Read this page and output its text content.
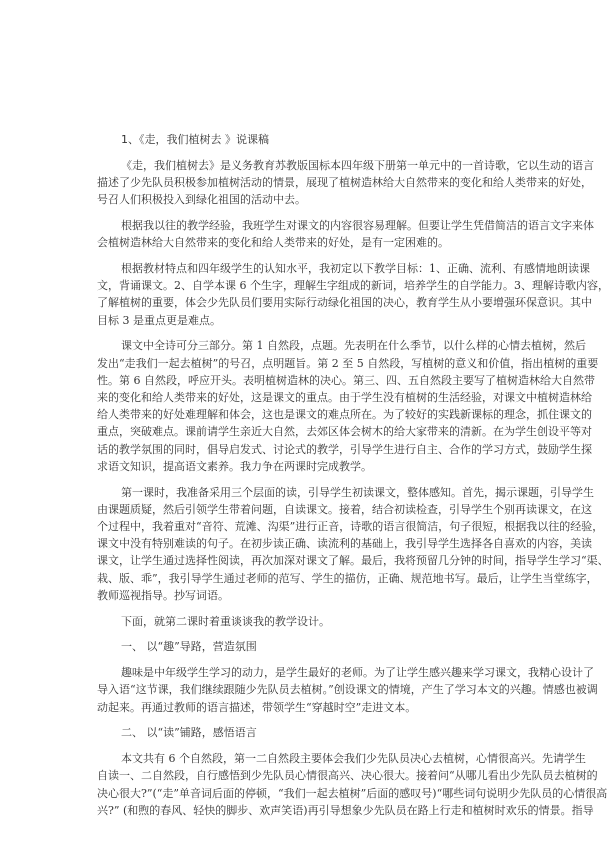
1、《走，我们植树去 》说课稿
《走，我们植树去》是义务教育苏教版国标本四年级下册第一单元中的一首诗歌，它以生动的语言
描述了少先队员积极参加植树活动的情景，展现了植树造林给大自然带来的变化和给人类带来的好处，
号召人们积极投入到绿化祖国的活动中去。
根据我以往的教学经验，我班学生对课文的内容很容易理解。但要让学生凭借简洁的语言文字来体
会植树造林给大自然带来的变化和给人类带来的好处，是有一定困难的。
根据教材特点和四年级学生的认知水平，我初定以下教学目标：1、正确、流利、有感情地朗读课
文，背诵课文。2、自学本课 6 个生字，理解生字组成的新词，培养学生的自学能力。3、理解诗歌内容，
了解植树的重要，体会少先队员们要用实际行动绿化祖国的决心，教育学生从小要增强环保意识。其中
目标 3 是重点更是难点。
课文中全诗可分三部分。第 1 自然段，点题。先表明在什么季节，以什么样的心情去植树，然后
发出“走我们一起去植树”的号召，点明题旨。第 2 至 5 自然段，写植树的意义和价值，指出植树的重要
性。第 6 自然段，呼应开头。表明植树造林的决心。第三、四、五自然段主要写了植树造林给大自然带
来的变化和给人类带来的好处，这是课文的重点。由于学生没有植树的生活经验，对课文中植树造林给
给人类带来的好处难理解和体会，这也是课文的难点所在。为了较好的实践新课标的理念，抓住课文的
重点，突破难点。课前请学生亲近大自然，去郊区体会树木的给大家带来的清新。在为学生创设平等对
话的教学氛围的同时，倡导启发式、讨论式的教学，引导学生进行自主、合作的学习方式，鼓励学生探
求语文知识，提高语文素养。我力争在两课时完成教学。
第一课时，我准备采用三个层面的读，引导学生初读课文，整体感知。首先，揭示课题，引导学生
由课题质疑，然后引领学生带着问题，自读课文。接着，结合初读检查，引导学生个别再读课文，在这
个过程中，我着重对“音符、荒滩、沟渠”进行正音，诗歌的语言很简洁，句子很短，根据我以往的经验，
课文中没有特别难读的句子。在初步读正确、读流利的基础上，我引导学生选择各自喜欢的内容，美读
课文，让学生通过选择性阅读，再次加深对课文了解。最后，我将预留几分钟的时间，指导学生学习“渠、
栽、版、乖”，我引导学生通过老师的范写、学生的描仿，正确、规范地书写。最后，让学生当堂练字，
教师巡视指导。抄写词语。
下面，就第二课时着重谈谈我的教学设计。
一、 以“趣”导路，营造氛围
趣味是中年级学生学习的动力，是学生最好的老师。为了让学生感兴趣来学习课文，我精心设计了
导入语“这节课，我们继续跟随少先队员去植树。”创设课文的情境，产生了学习本文的兴趣。情感也被调
动起来。再通过教师的语言描述，带领学生“穿越时空”走进文本。
二、 以“读”铺路，感悟语言
本文共有 6 个自然段，第一二自然段主要体会我们少先队员决心去植树，心情很高兴。先请学生
自读一、二自然段，自行感悟到少先队员心情很高兴、决心很大。接着问“从哪儿看出少先队员去植树的
决心很大?”(“走”单音词后面的停顿，“我们一起去植树”后面的感叹号)“哪些词句说明少先队员的心情很高
兴?” (和煦的春风、轻快的脚步、欢声笑语)再引导想象少先队员在路上行走和植树时欢乐的情景。指导
